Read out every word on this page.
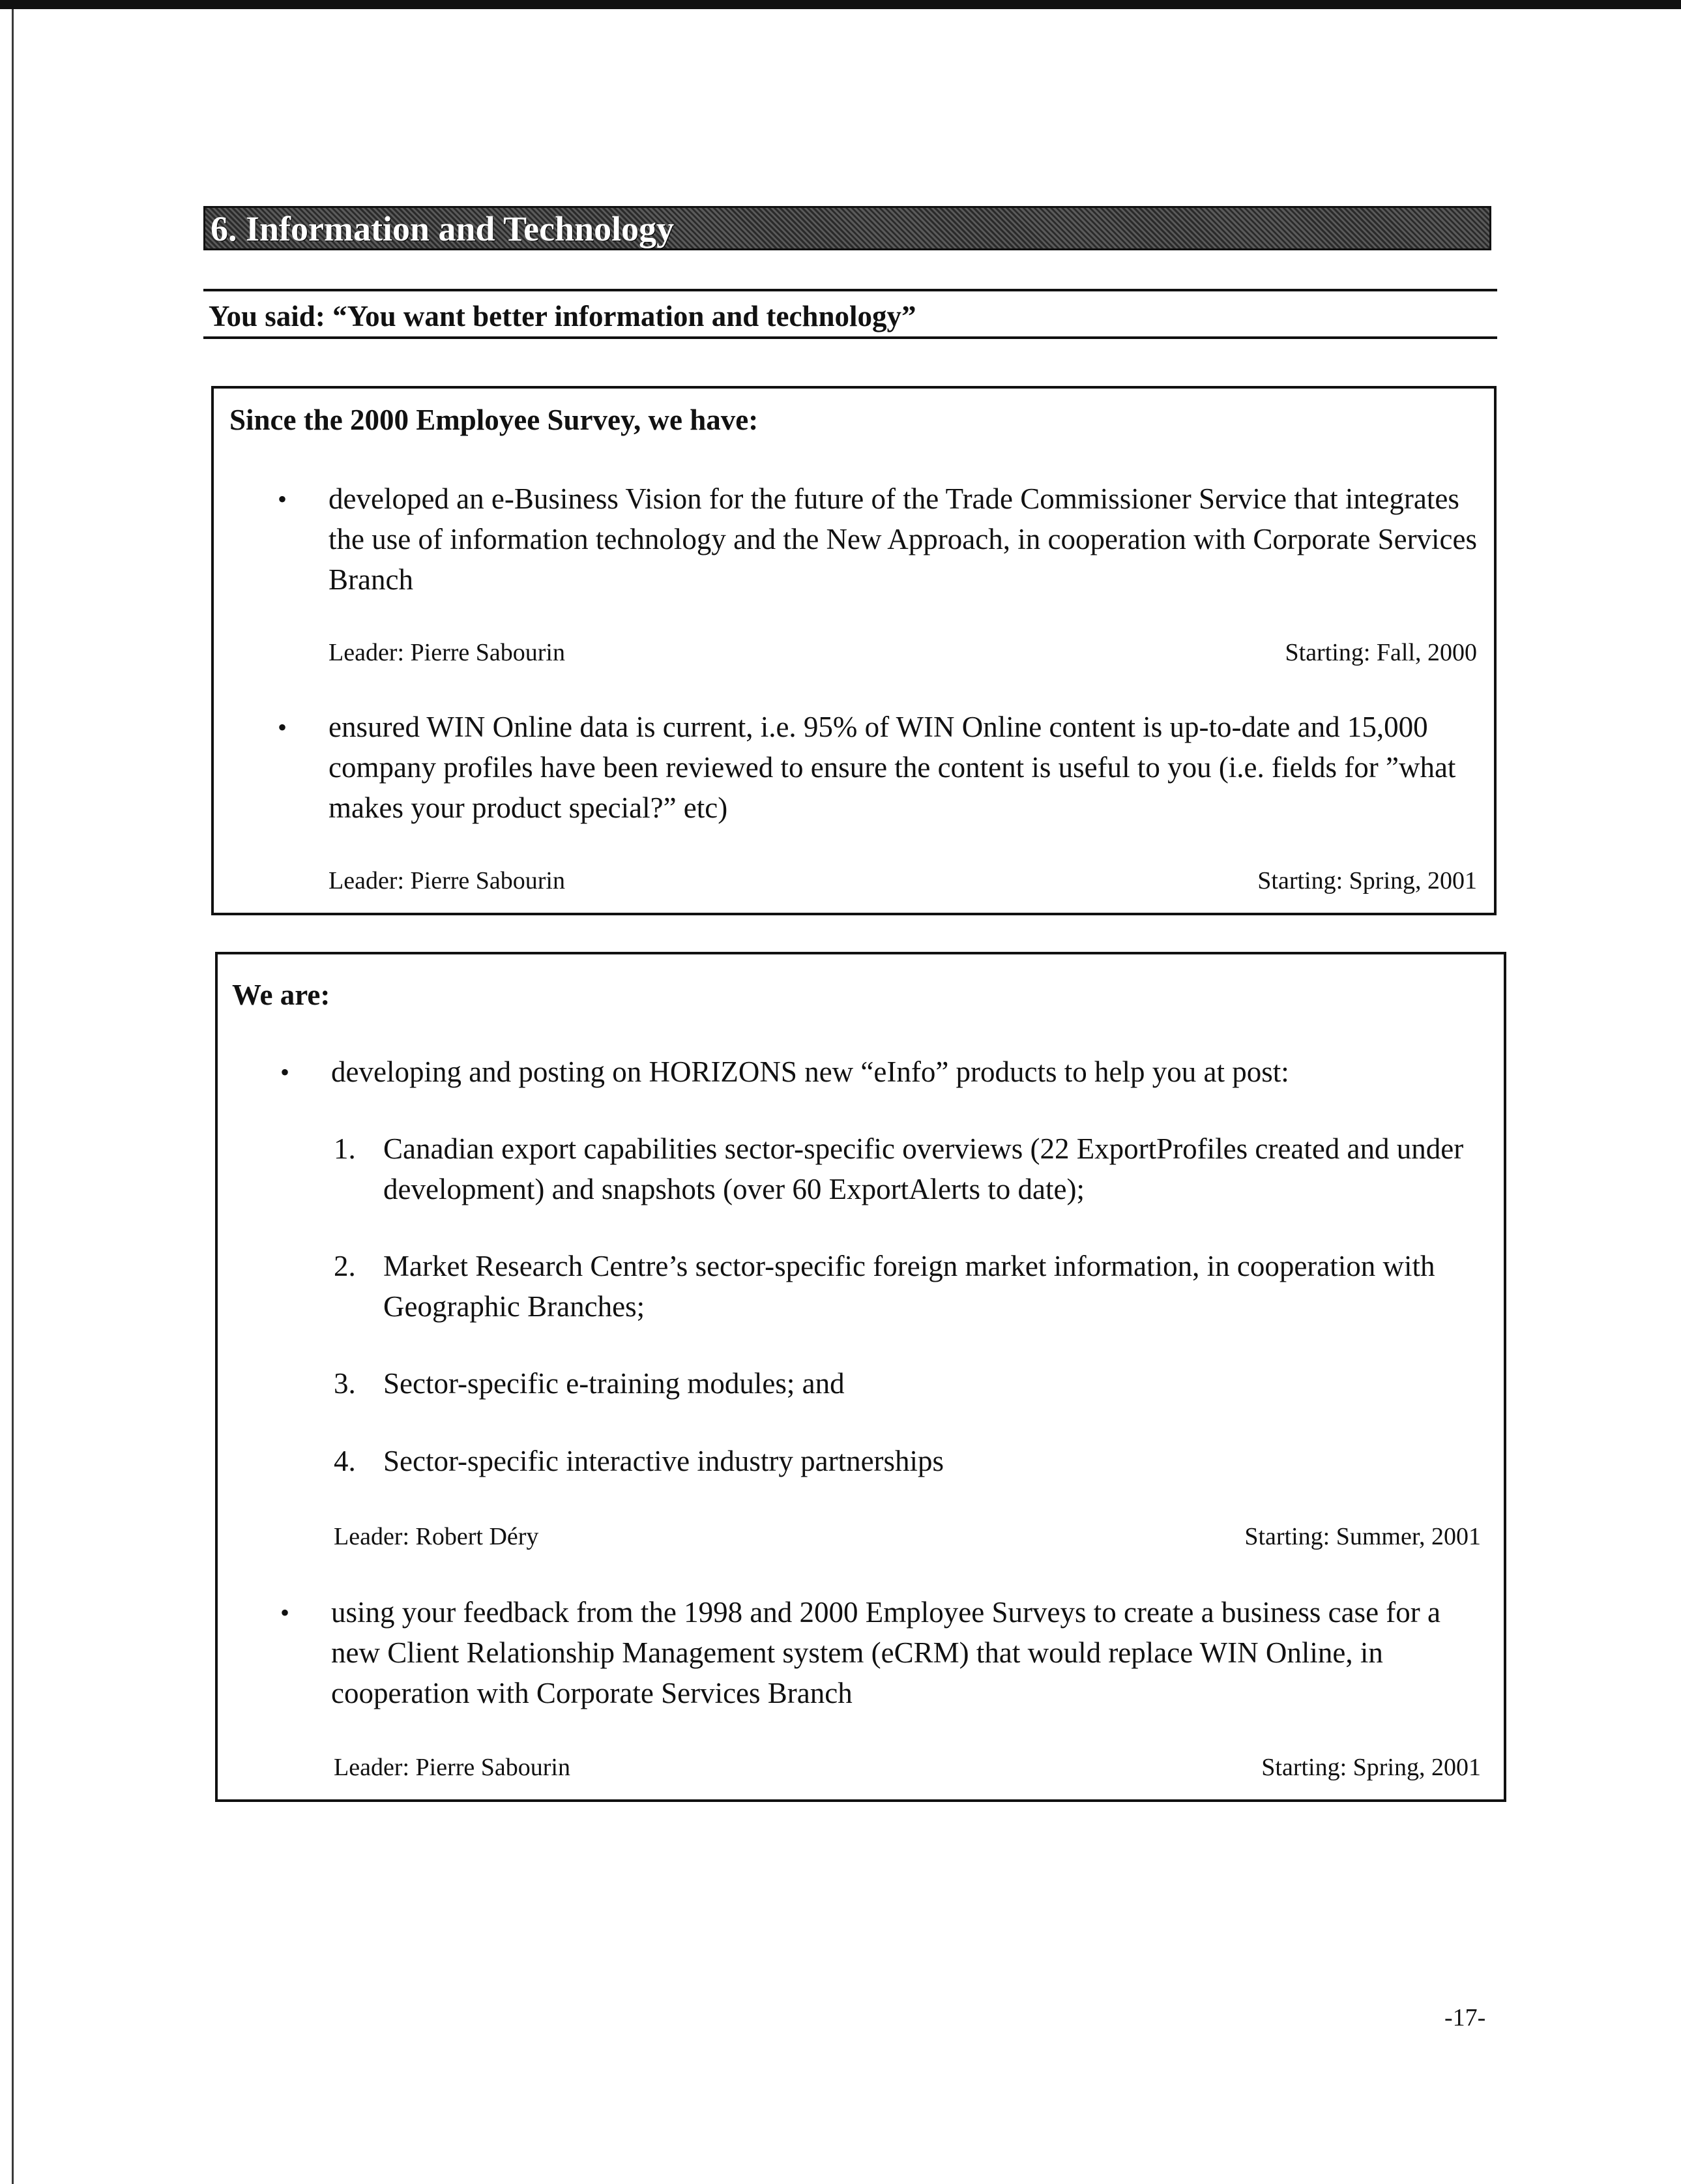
6. Information and Technology
You said: “You want better information and technology”
Since the 2000 Employee Survey, we have:
• developed an e-Business Vision for the future of the Trade Commissioner Service that integrates the use of information technology and the New Approach, in cooperation with Corporate Services Branch
Leader: Pierre Sabourin	Starting: Fall, 2000
• ensured WIN Online data is current, i.e. 95% of WIN Online content is up-to-date and 15,000 company profiles have been reviewed to ensure the content is useful to you (i.e. fields for ”what makes your product special?” etc)
Leader: Pierre Sabourin	Starting: Spring, 2001
We are:
• developing and posting on HORIZONS new “eInfo” products to help you at post:
1. Canadian export capabilities sector-specific overviews (22 ExportProfiles created and under development) and snapshots (over 60 ExportAlerts to date);
2. Market Research Centre’s sector-specific foreign market information, in cooperation with Geographic Branches;
3. Sector-specific e-training modules; and
4. Sector-specific interactive industry partnerships
Leader: Robert Déry	Starting: Summer, 2001
• using your feedback from the 1998 and 2000 Employee Surveys to create a business case for a new Client Relationship Management system (eCRM) that would replace WIN Online, in cooperation with Corporate Services Branch
Leader: Pierre Sabourin	Starting: Spring, 2001
-17-
